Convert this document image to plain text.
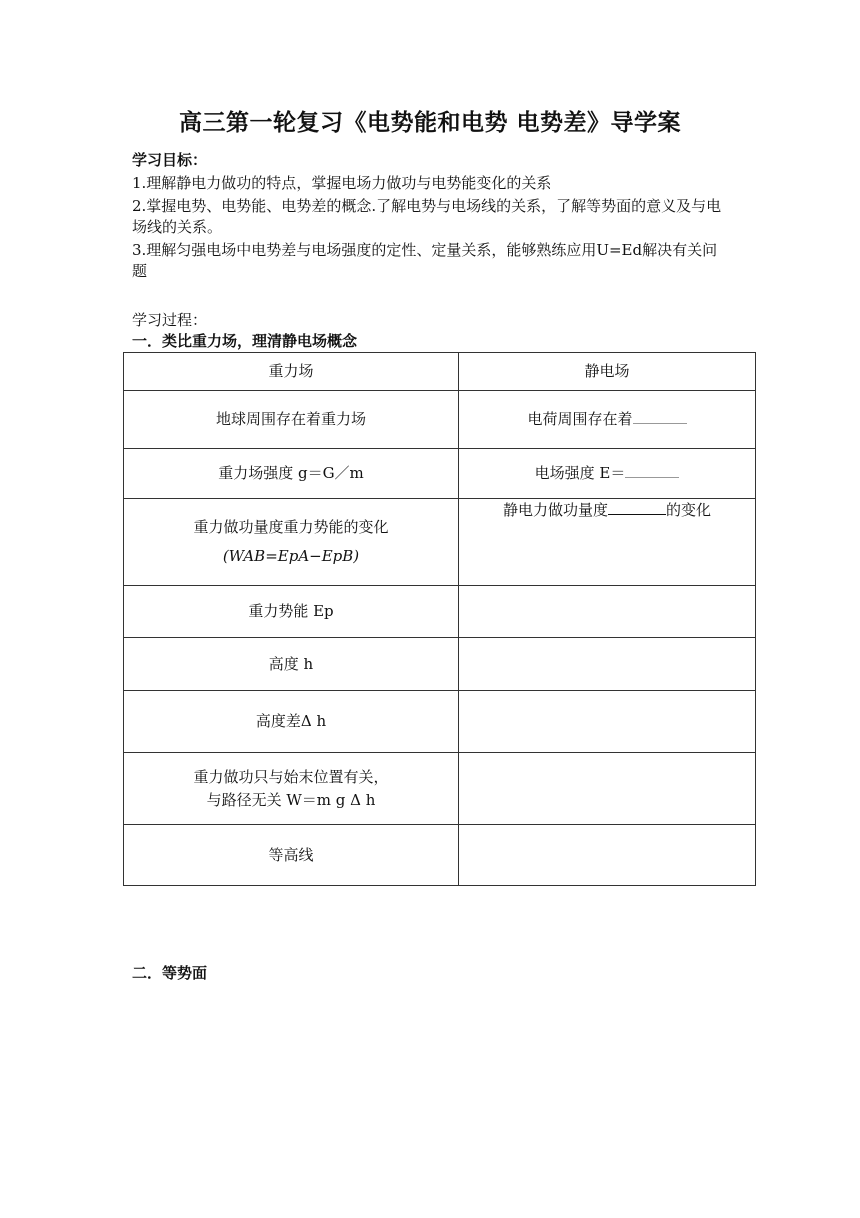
高三第一轮复习《电势能和电势 电势差》导学案
学习目标：
1.理解静电力做功的特点，掌握电场力做功与电势能变化的关系
2.掌握电势、电势能、电势差的概念.了解电势与电场线的关系，了解等势面的意义及与电场线的关系。
3.理解匀强电场中电势差与电场强度的定性、定量关系，能够熟练应用U=Ed解决有关问题
学习过程：
一．类比重力场，理清静电场概念
重力场	静电场
地球周围存在着重力场	电荷周围存在着
重力场强度 g＝G／m	电场强度 E＝

重力做功量度重力势能的变化
(WAB=EpA−EpB)	静电力做功量度 的变化
重力势能 Ep	
高度 h	
高度差Δ h	

重力做功只与始末位置有关，
与路径无关 W＝m g Δ h	

等高线	
二．等势面
